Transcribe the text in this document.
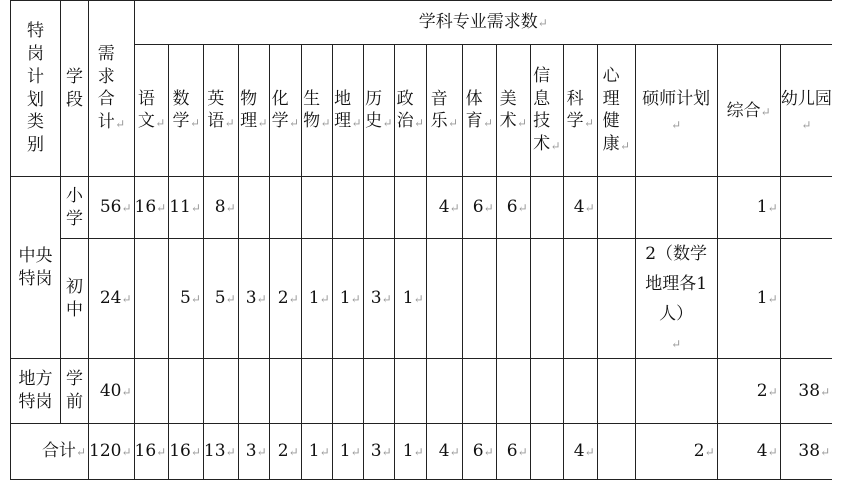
特岗计划类别	学段	需求合计↵	学科专业需求数↵																	
			语文↵	数学↵	英语↵	物理↵	化学↵	生物↵	地理↵	历史↵	政治↵	音乐↵	体育↵	美术↵	信息技术↵	科学↵	心理健康↵	硕师计划↵	综合↵	幼儿园↵
中央特岗	小学	56↵	16↵	11↵	8↵							4↵	6↵	6↵		4↵			1↵	
	初中	24↵		5↵	5↵	3↵	2↵	1↵	1↵	3↵	1↵							2（数学地理各1人）↵	1↵	
地方特岗	学前	40↵																	2↵	38↵
合计↵		120↵	16↵	16↵	13↵	3↵	2↵	1↵	1↵	3↵	1↵	4↵	6↵	6↵		4↵		2↵	4↵	38↵
